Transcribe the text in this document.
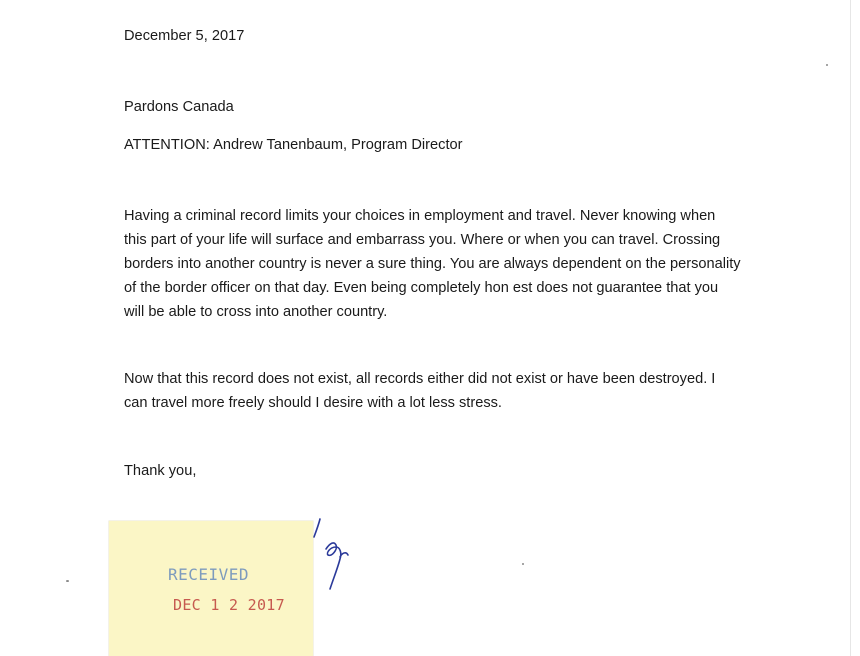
December 5, 2017
Pardons Canada
ATTENTION: Andrew Tanenbaum, Program Director
Having a criminal record limits your choices in employment and travel. Never knowing when
this part of your life will surface and embarrass you. Where or when you can travel. Crossing
borders into another country is never a sure thing. You are always dependent on the personality
of the border officer on that day. Even being completely hon est does not guarantee that you
will be able to cross into another country.
Now that this record does not exist, all records either did not exist or have been destroyed. I
can travel more freely should I desire with a lot less stress.
Thank you,
RECEIVED
DEC 1 2 2017
